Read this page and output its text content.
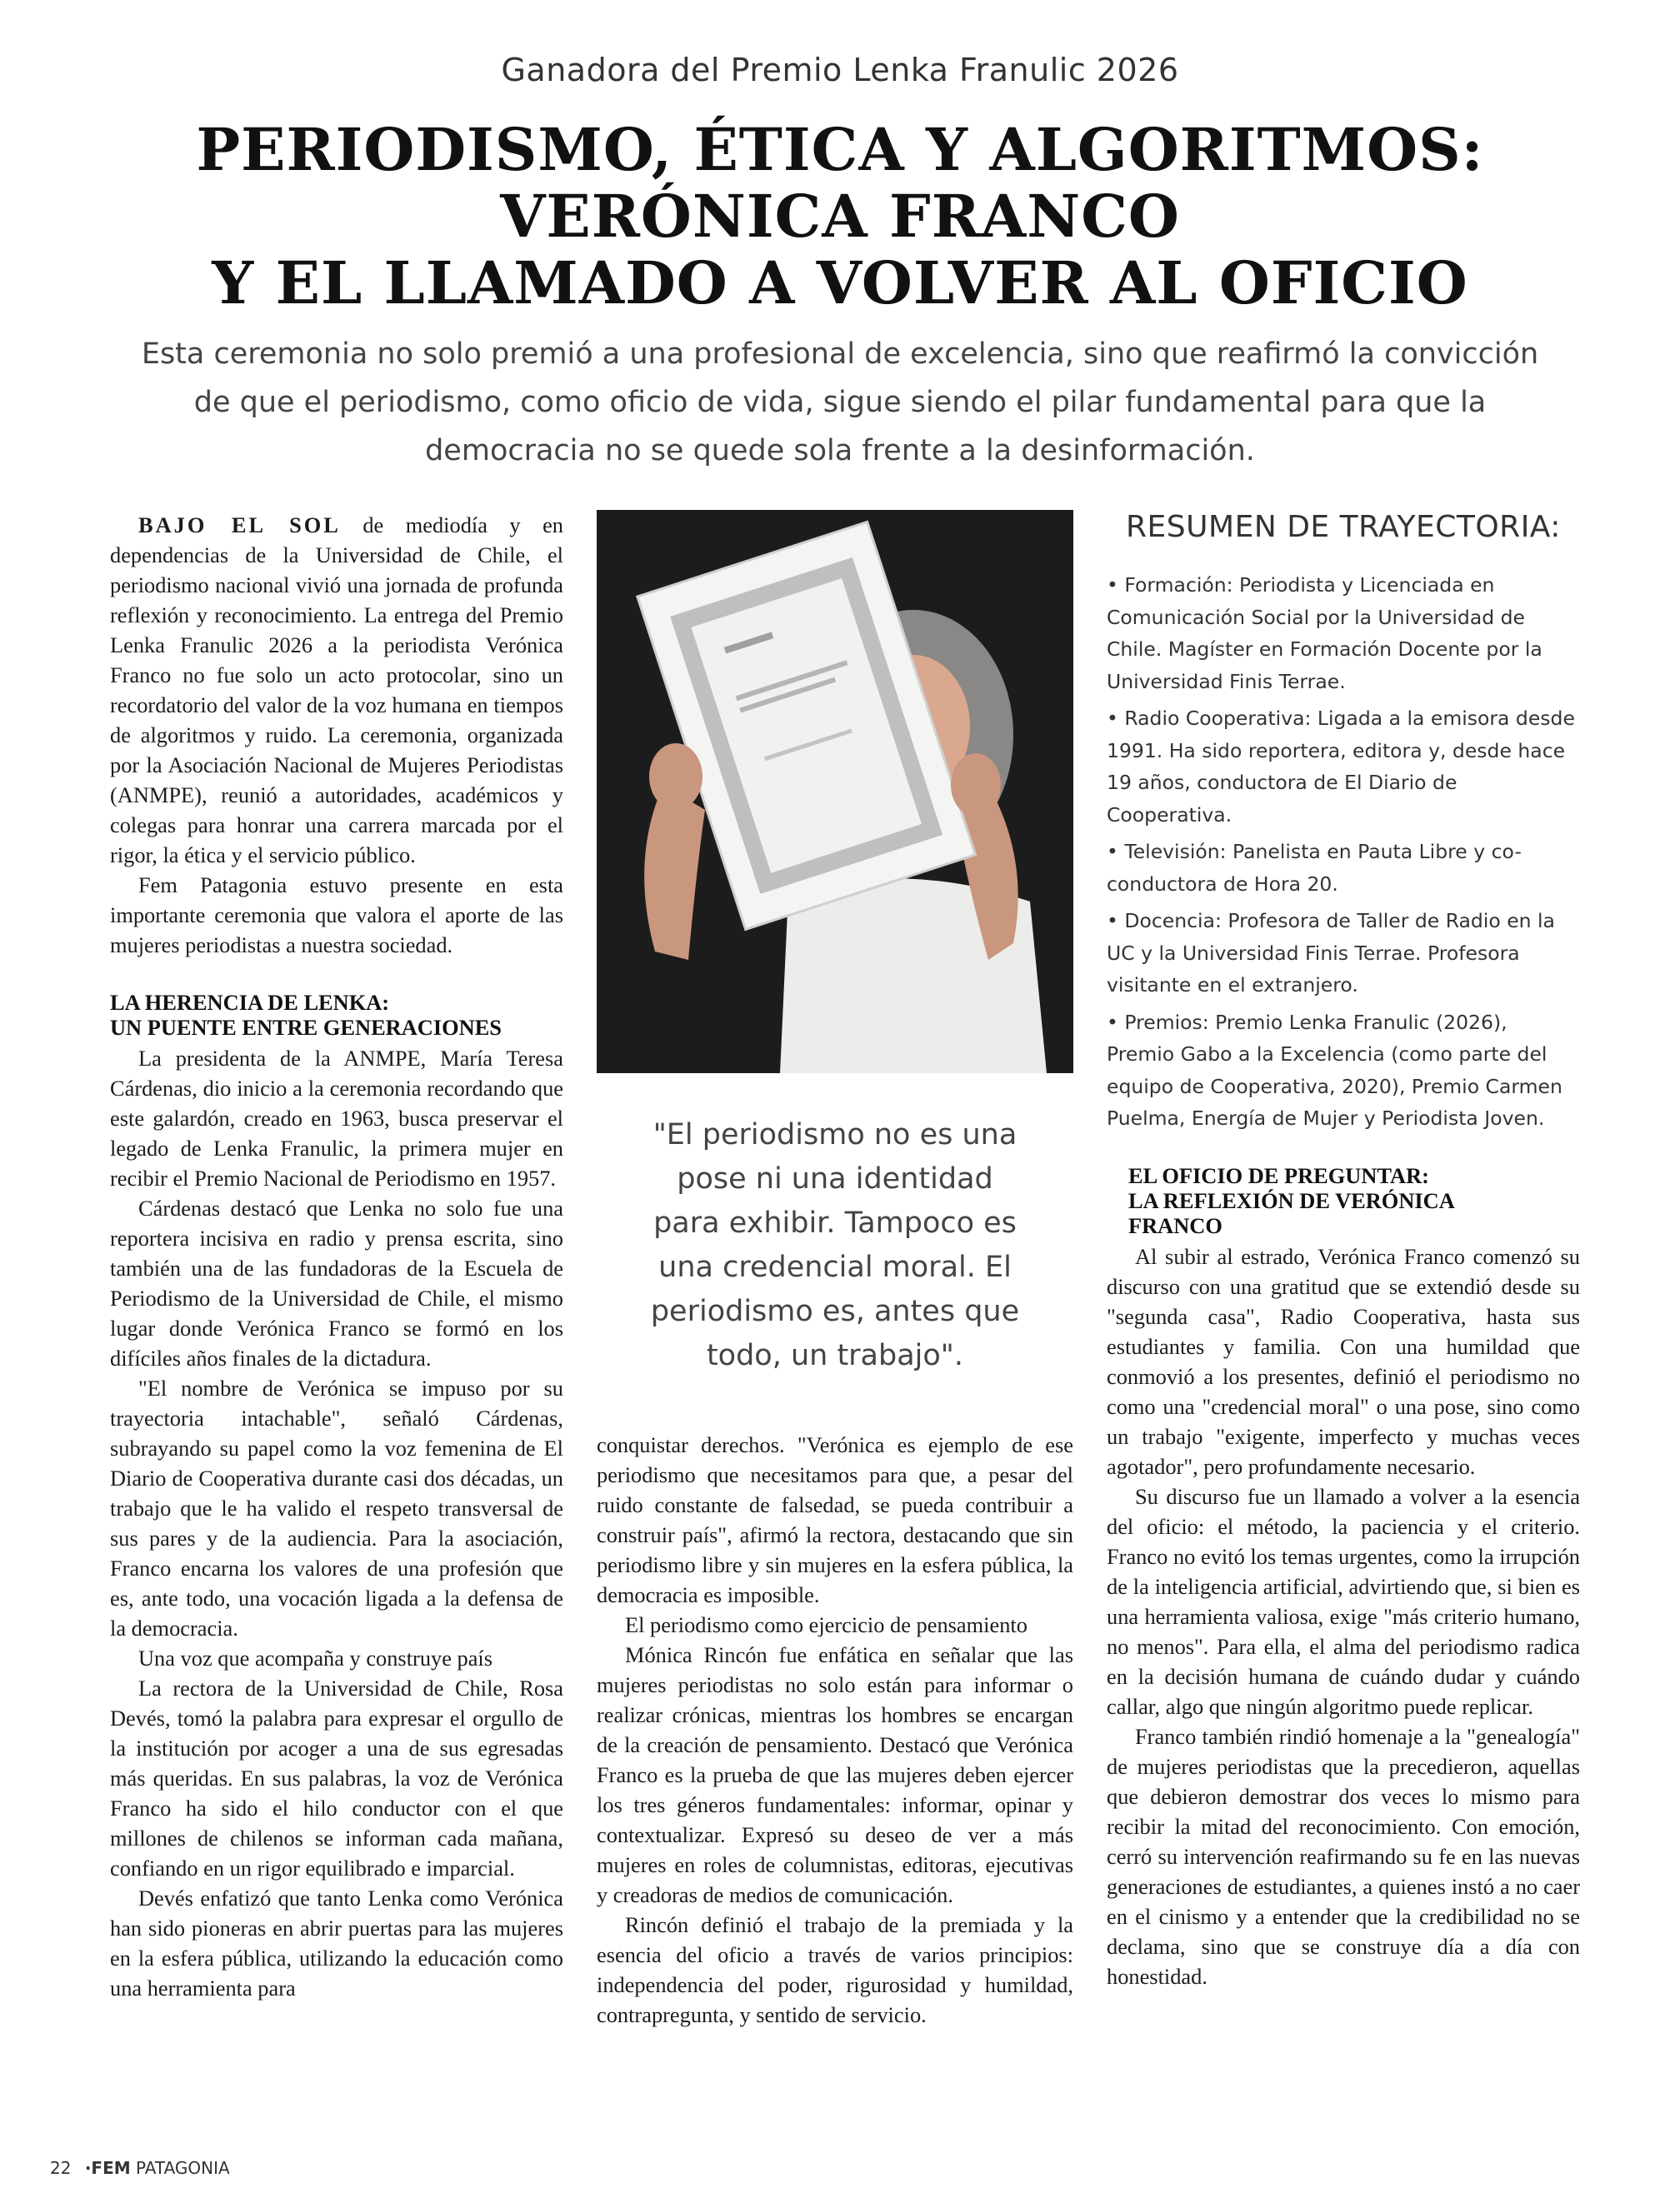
Ganadora del Premio Lenka Franulic 2026
PERIODISMO, ÉTICA Y ALGORITMOS:
VERÓNICA FRANCO
Y EL LLAMADO A VOLVER AL OFICIO
Esta ceremonia no solo premió a una profesional de excelencia, sino que reafirmó la convicción
de que el periodismo, como oficio de vida, sigue siendo el pilar fundamental para que la
democracia no se quede sola frente a la desinformación.

BAJO EL SOL de mediodía y en dependencias de la Universidad de Chile, el periodismo nacional vivió una jornada de profunda reflexión y reconocimiento. La entrega del Premio Lenka Franulic 2026 a la periodista Verónica Franco no fue solo un acto protocolar, sino un recordatorio del valor de la voz humana en tiempos de algoritmos y ruido. La ceremonia, organizada por la Asociación Nacional de Mujeres Periodistas (ANMPE), reunió a autoridades, académicos y colegas para honrar una carrera marcada por el rigor, la ética y el servicio público.

Fem Patagonia estuvo presente en esta importante ceremonia que valora el aporte de las mujeres periodistas a nuestra sociedad.

LA HERENCIA DE LENKA:
UN PUENTE ENTRE GENERACIONES

La presidenta de la ANMPE, María Teresa Cárdenas, dio inicio a la ceremonia recordando que este galardón, creado en 1963, busca preservar el legado de Lenka Franulic, la primera mujer en recibir el Premio Nacional de Periodismo en 1957.

Cárdenas destacó que Lenka no solo fue una reportera incisiva en radio y prensa escrita, sino también una de las fundadoras de la Escuela de Periodismo de la Universidad de Chile, el mismo lugar donde Verónica Franco se formó en los difíciles años finales de la dictadura.

"El nombre de Verónica se impuso por su trayectoria intachable", señaló Cárdenas, subrayando su papel como la voz femenina de El Diario de Cooperativa durante casi dos décadas, un trabajo que le ha valido el respeto transversal de sus pares y de la audiencia. Para la asociación, Franco encarna los valores de una profesión que es, ante todo, una vocación ligada a la defensa de la democracia.

Una voz que acompaña y construye país

La rectora de la Universidad de Chile, Rosa Devés, tomó la palabra para expresar el orgullo de la institución por acoger a una de sus egresadas más queridas. En sus palabras, la voz de Verónica Franco ha sido el hilo conductor con el que millones de chilenos se informan cada mañana, confiando en un rigor equilibrado e imparcial.

Devés enfatizó que tanto Lenka como Verónica han sido pioneras en abrir puertas para las mujeres en la esfera pública, utilizando la educación como una herramienta para

"El periodismo no es una
pose ni una identidad
para exhibir. Tampoco es
una credencial moral. El
periodismo es, antes que
todo, un trabajo".

conquistar derechos. "Verónica es ejemplo de ese periodismo que necesitamos para que, a pesar del ruido constante de falsedad, se pueda contribuir a construir país", afirmó la rectora, destacando que sin periodismo libre y sin mujeres en la esfera pública, la democracia es imposible.

El periodismo como ejercicio de pensamiento

Mónica Rincón fue enfática en señalar que las mujeres periodistas no solo están para informar o realizar crónicas, mientras los hombres se encargan de la creación de pensamiento. Destacó que Verónica Franco es la prueba de que las mujeres deben ejercer los tres géneros fundamentales: informar, opinar y contextualizar. Expresó su deseo de ver a más mujeres en roles de columnistas, editoras, ejecutivas y creadoras de medios de comunicación.

Rincón definió el trabajo de la premiada y la esencia del oficio a través de varios principios: independencia del poder, rigurosidad y humildad, contrapregunta, y sentido de servicio.

RESUMEN DE TRAYECTORIA:
• Formación: Periodista y Licenciada en Comunicación Social por la Universidad de Chile. Magíster en Formación Docente por la Universidad Finis Terrae.
• Radio Cooperativa: Ligada a la emisora desde 1991. Ha sido reportera, editora y, desde hace 19 años, conductora de El Diario de Cooperativa.
• Televisión: Panelista en Pauta Libre y co-conductora de Hora 20.
• Docencia: Profesora de Taller de Radio en la UC y la Universidad Finis Terrae. Profesora visitante en el extranjero.
• Premios: Premio Lenka Franulic (2026), Premio Gabo a la Excelencia (como parte del equipo de Cooperativa, 2020), Premio Carmen Puelma, Energía de Mujer y Periodista Joven.
EL OFICIO DE PREGUNTAR:
LA REFLEXIÓN DE VERÓNICA
FRANCO

Al subir al estrado, Verónica Franco comenzó su discurso con una gratitud que se extendió desde su "segunda casa", Radio Cooperativa, hasta sus estudiantes y familia. Con una humildad que conmovió a los presentes, definió el periodismo no como una "credencial moral" o una pose, sino como un trabajo "exigente, imperfecto y muchas veces agotador", pero profundamente necesario.

Su discurso fue un llamado a volver a la esencia del oficio: el método, la paciencia y el criterio. Franco no evitó los temas urgentes, como la irrupción de la inteligencia artificial, advirtiendo que, si bien es una herramienta valiosa, exige "más criterio humano, no menos". Para ella, el alma del periodismo radica en la decisión humana de cuándo dudar y cuándo callar, algo que ningún algoritmo puede replicar.

Franco también rindió homenaje a la "genealogía" de mujeres periodistas que la precedieron, aquellas que debieron demostrar dos veces lo mismo para recibir la mitad del reconocimiento. Con emoción, cerró su intervención reafirmando su fe en las nuevas generaciones de estudiantes, a quienes instó a no caer en el cinismo y a entender que la credibilidad no se declama, sino que se construye día a día con honestidad.

22 ·FEM PATAGONIA
